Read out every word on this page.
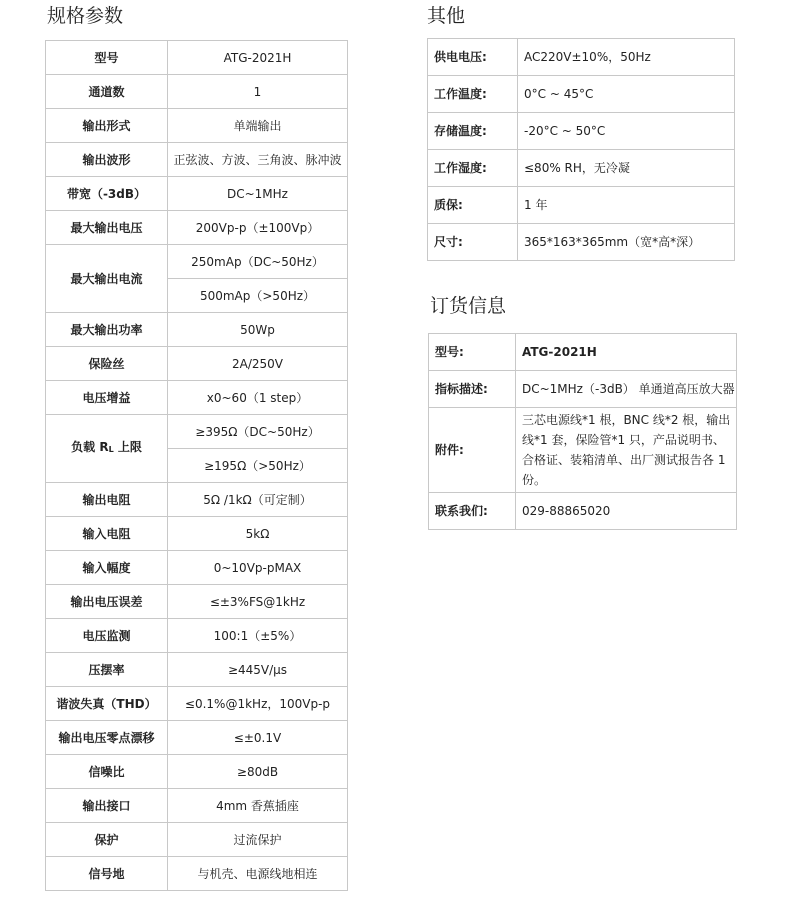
规格参数
型号	ATG-2021H
通道数	1
输出形式	单端输出
输出波形	正弦波、方波、三角波、脉冲波
带宽（-3dB）	DC~1MHz
最大输出电压	200Vp-p（±100Vp）
最大输出电流	250mAp（DC~50Hz）
	500mAp（>50Hz）
最大输出功率	50Wp
保险丝	2A/250V
电压增益	x0~60（1 step）
负载 $R_L$ 上限	≥395Ω（DC~50Hz）
	≥195Ω（>50Hz）
输出电阻	5Ω /1kΩ（可定制）
输入电阻	5kΩ
输入幅度	0~10Vp-pMAX
输出电压误差	≤±3%FS@1kHz
电压监测	100:1（±5%）
压摆率	≥445V/μs
谐波失真（THD）	≤0.1%@1kHz，100Vp-p
输出电压零点漂移	≤±0.1V
信噪比	≥80dB
输出接口	4mm 香蕉插座
保护	过流保护
信号地	与机壳、电源线地相连
其他
供电电压:	AC220V±10%，50Hz
工作温度:	0°C ~ 45°C
存储温度:	-20°C ~ 50°C
工作湿度:	≤80% RH，无冷凝
质保:	1 年
尺寸:	365*163*365mm（宽*高*深）
订货信息
型号:	ATG-2021H
指标描述:	DC~1MHz（-3dB） 单通道高压放大器
附件:	三芯电源线*1 根，BNC 线*2 根，输出线*1 套，保险管*1 只，产品说明书、合格证、装箱清单、出厂测试报告各 1 份。
联系我们:	029-88865020
